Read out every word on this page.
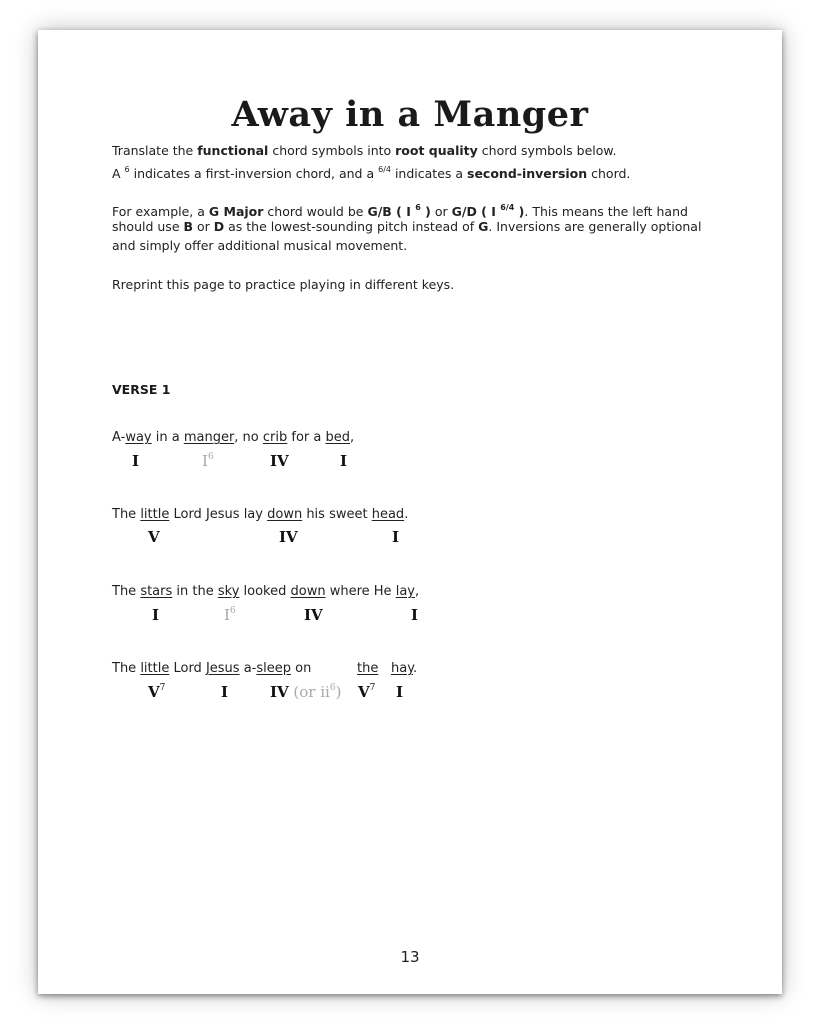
Away in a Manger
Translate the functional chord symbols into root quality chord symbols below.
A $^6$ indicates a first-inversion chord, and a $^{6/4}$ indicates a second-inversion chord.
For example, a G Major chord would be G/B ( I $^6$ ) or G/D ( I $^{6/4}$ ). This means the left hand
should use B or D as the lowest-sounding pitch instead of G. Inversions are generally optional
and simply offer additional musical movement.
Rreprint this page to practice playing in different keys.
VERSE 1
A-way in a manger, no crib for a bed,
I	$I^6$	IV	I
The little Lord Jesus lay down his sweet head.
V	IV	I
The stars in the sky looked down where He lay,
I	$I^6$	IV	I
The little Lord Jesus a-sleep on	the hay.
$V^7$	I	IV (or $ii^6$) $V^7$ I
13
